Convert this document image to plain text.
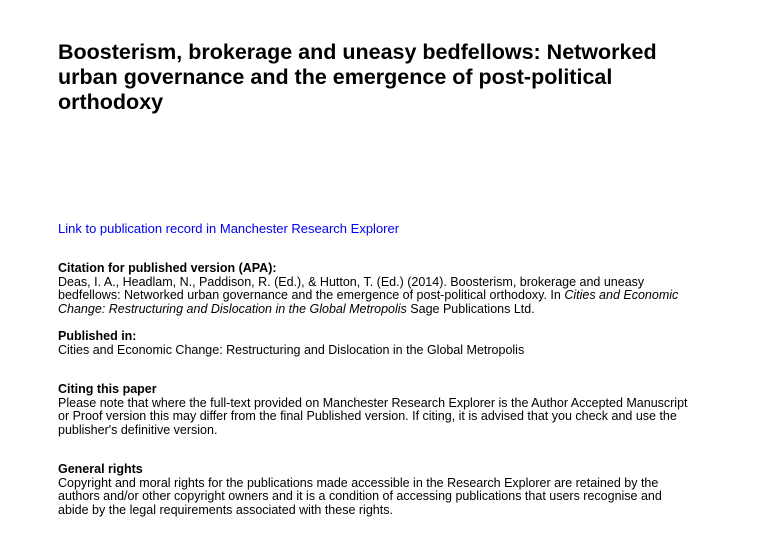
Boosterism, brokerage and uneasy bedfellows: Networked
urban governance and the emergence of post-political
orthodoxy
Link to publication record in Manchester Research Explorer
Citation for published version (APA):
Deas, I. A., Headlam, N., Paddison, R. (Ed.), & Hutton, T. (Ed.) (2014). Boosterism, brokerage and uneasy
bedfellows: Networked urban governance and the emergence of post-political orthodoxy. In Cities and Economic
Change: Restructuring and Dislocation in the Global Metropolis Sage Publications Ltd.
Published in:
Cities and Economic Change: Restructuring and Dislocation in the Global Metropolis
Citing this paper
Please note that where the full-text provided on Manchester Research Explorer is the Author Accepted Manuscript
or Proof version this may differ from the final Published version. If citing, it is advised that you check and use the
publisher's definitive version.
General rights
Copyright and moral rights for the publications made accessible in the Research Explorer are retained by the
authors and/or other copyright owners and it is a condition of accessing publications that users recognise and
abide by the legal requirements associated with these rights.
